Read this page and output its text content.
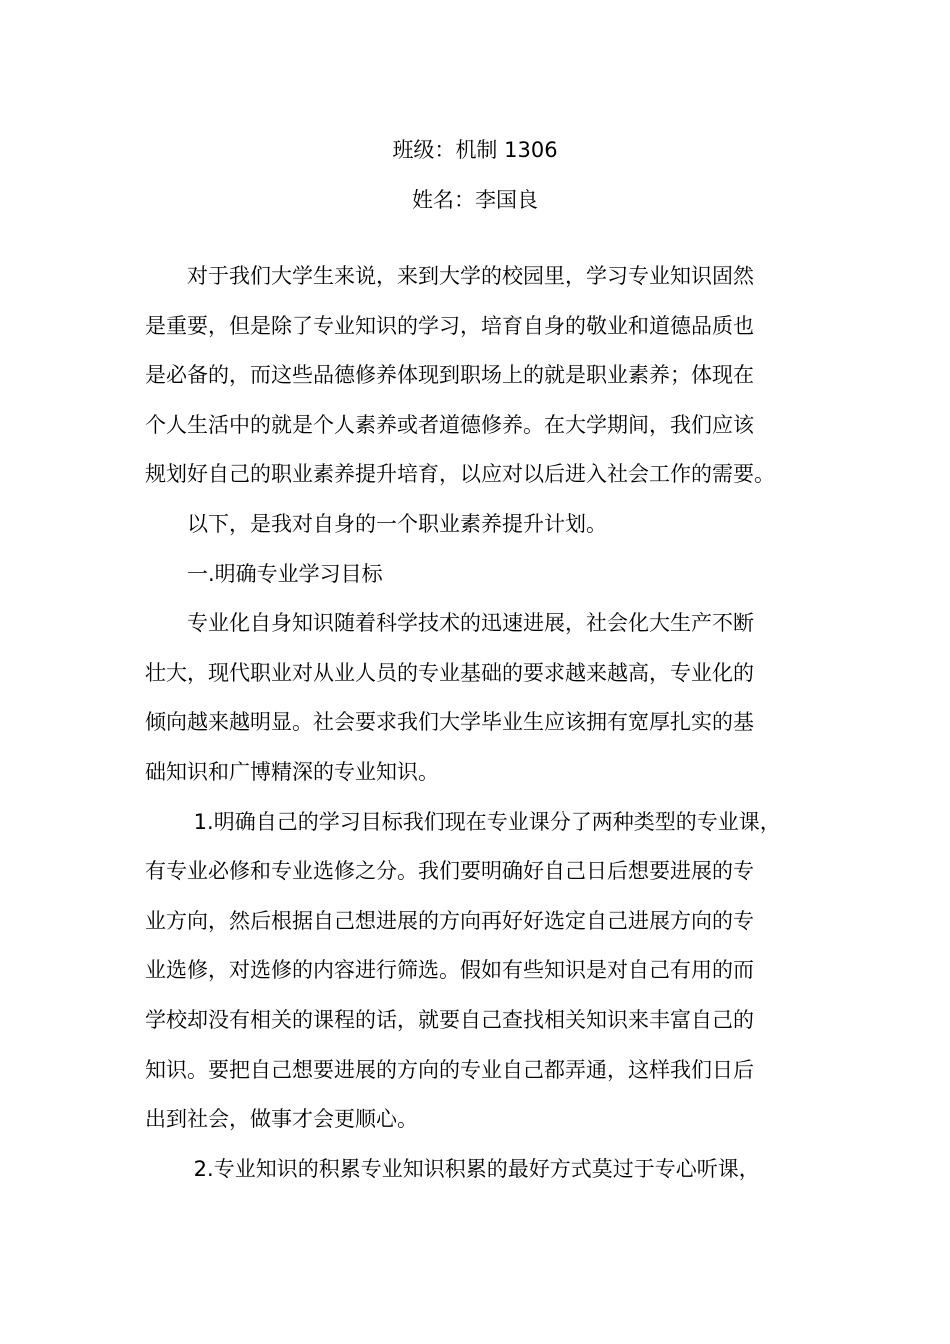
班级：机制 1306
姓名：李国良
　　对于我们大学生来说，来到大学的校园里，学习专业知识固然
是重要，但是除了专业知识的学习，培育自身的敬业和道德品质也
是必备的，而这些品德修养体现到职场上的就是职业素养；体现在
个人生活中的就是个人素养或者道德修养。在大学期间，我们应该
规划好自己的职业素养提升培育，以应对以后进入社会工作的需要。
　　以下，是我对自身的一个职业素养提升计划。
　　一.明确专业学习目标
　　专业化自身知识随着科学技术的迅速进展，社会化大生产不断
壮大，现代职业对从业人员的专业基础的要求越来越高，专业化的
倾向越来越明显。社会要求我们大学毕业生应该拥有宽厚扎实的基
础知识和广博精深的专业知识。
　　 1.明确自己的学习目标我们现在专业课分了两种类型的专业课，
有专业必修和专业选修之分。我们要明确好自己日后想要进展的专
业方向，然后根据自己想进展的方向再好好选定自己进展方向的专
业选修，对选修的内容进行筛选。假如有些知识是对自己有用的而
学校却没有相关的课程的话，就要自己查找相关知识来丰富自己的
知识。要把自己想要进展的方向的专业自己都弄通，这样我们日后
出到社会，做事才会更顺心。
　　 2.专业知识的积累专业知识积累的最好方式莫过于专心听课，
